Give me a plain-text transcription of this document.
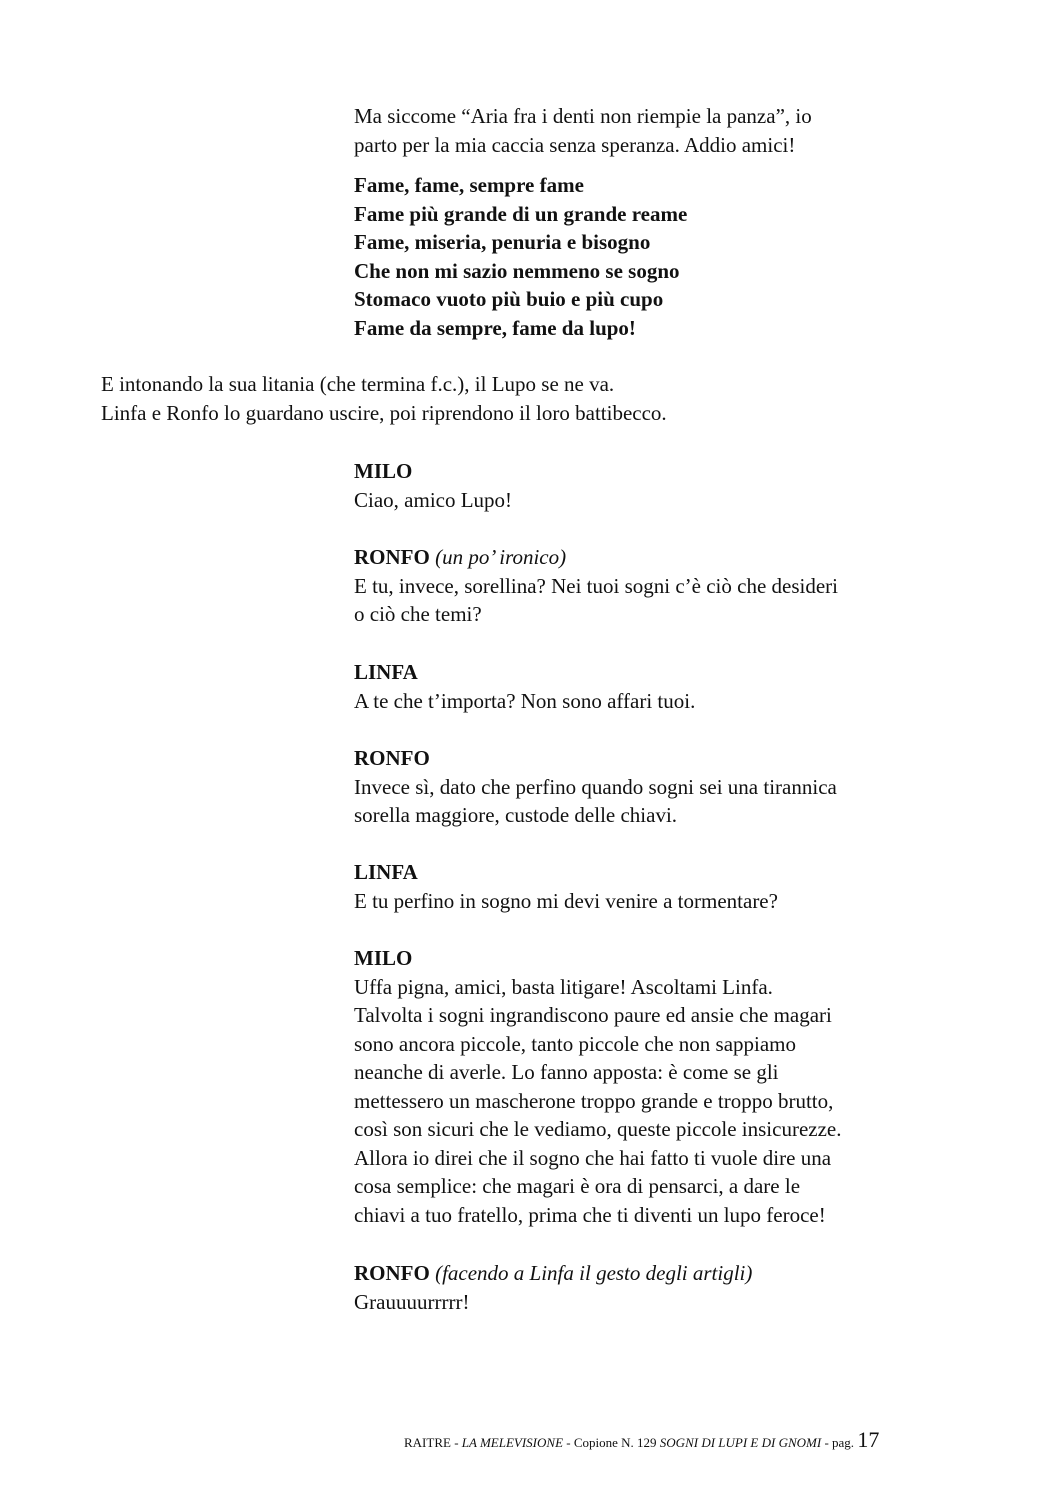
Ma siccome “Aria fra i denti non riempie la panza”, io
parto per la mia caccia senza speranza. Addio amici!
Fame, fame, sempre fame
Fame più grande di un grande reame
Fame, miseria, penuria e bisogno
Che non mi sazio nemmeno se sogno
Stomaco vuoto più buio e più cupo
Fame da sempre, fame da lupo!
E intonando la sua litania (che termina f.c.), il Lupo se ne va.
Linfa e Ronfo lo guardano uscire, poi riprendono il loro battibecco.
MILO
Ciao, amico Lupo!
RONFO (un po’ ironico)
E tu, invece, sorellina? Nei tuoi sogni c’è ciò che desideri
o ciò che temi?
LINFA
A te che t’importa? Non sono affari tuoi.
RONFO
Invece sì, dato che perfino quando sogni sei una tirannica
sorella maggiore, custode delle chiavi.
LINFA
E tu perfino in sogno mi devi venire a tormentare?
MILO
Uffa pigna, amici, basta litigare! Ascoltami Linfa.
Talvolta i sogni ingrandiscono paure ed ansie che magari
sono ancora piccole, tanto piccole che non sappiamo
neanche di averle. Lo fanno apposta: è come se gli
mettessero un mascherone troppo grande e troppo brutto,
così son sicuri che le vediamo, queste piccole insicurezze.
Allora io direi che il sogno che hai fatto ti vuole dire una
cosa semplice: che magari è ora di pensarci, a dare le
chiavi a tuo fratello, prima che ti diventi un lupo feroce!
RONFO (facendo a Linfa il gesto degli artigli)
Grauuuurrrrr!
RAITRE - LA MELEVISIONE - Copione N. 129 SOGNI DI LUPI E DI GNOMI - pag. 17
